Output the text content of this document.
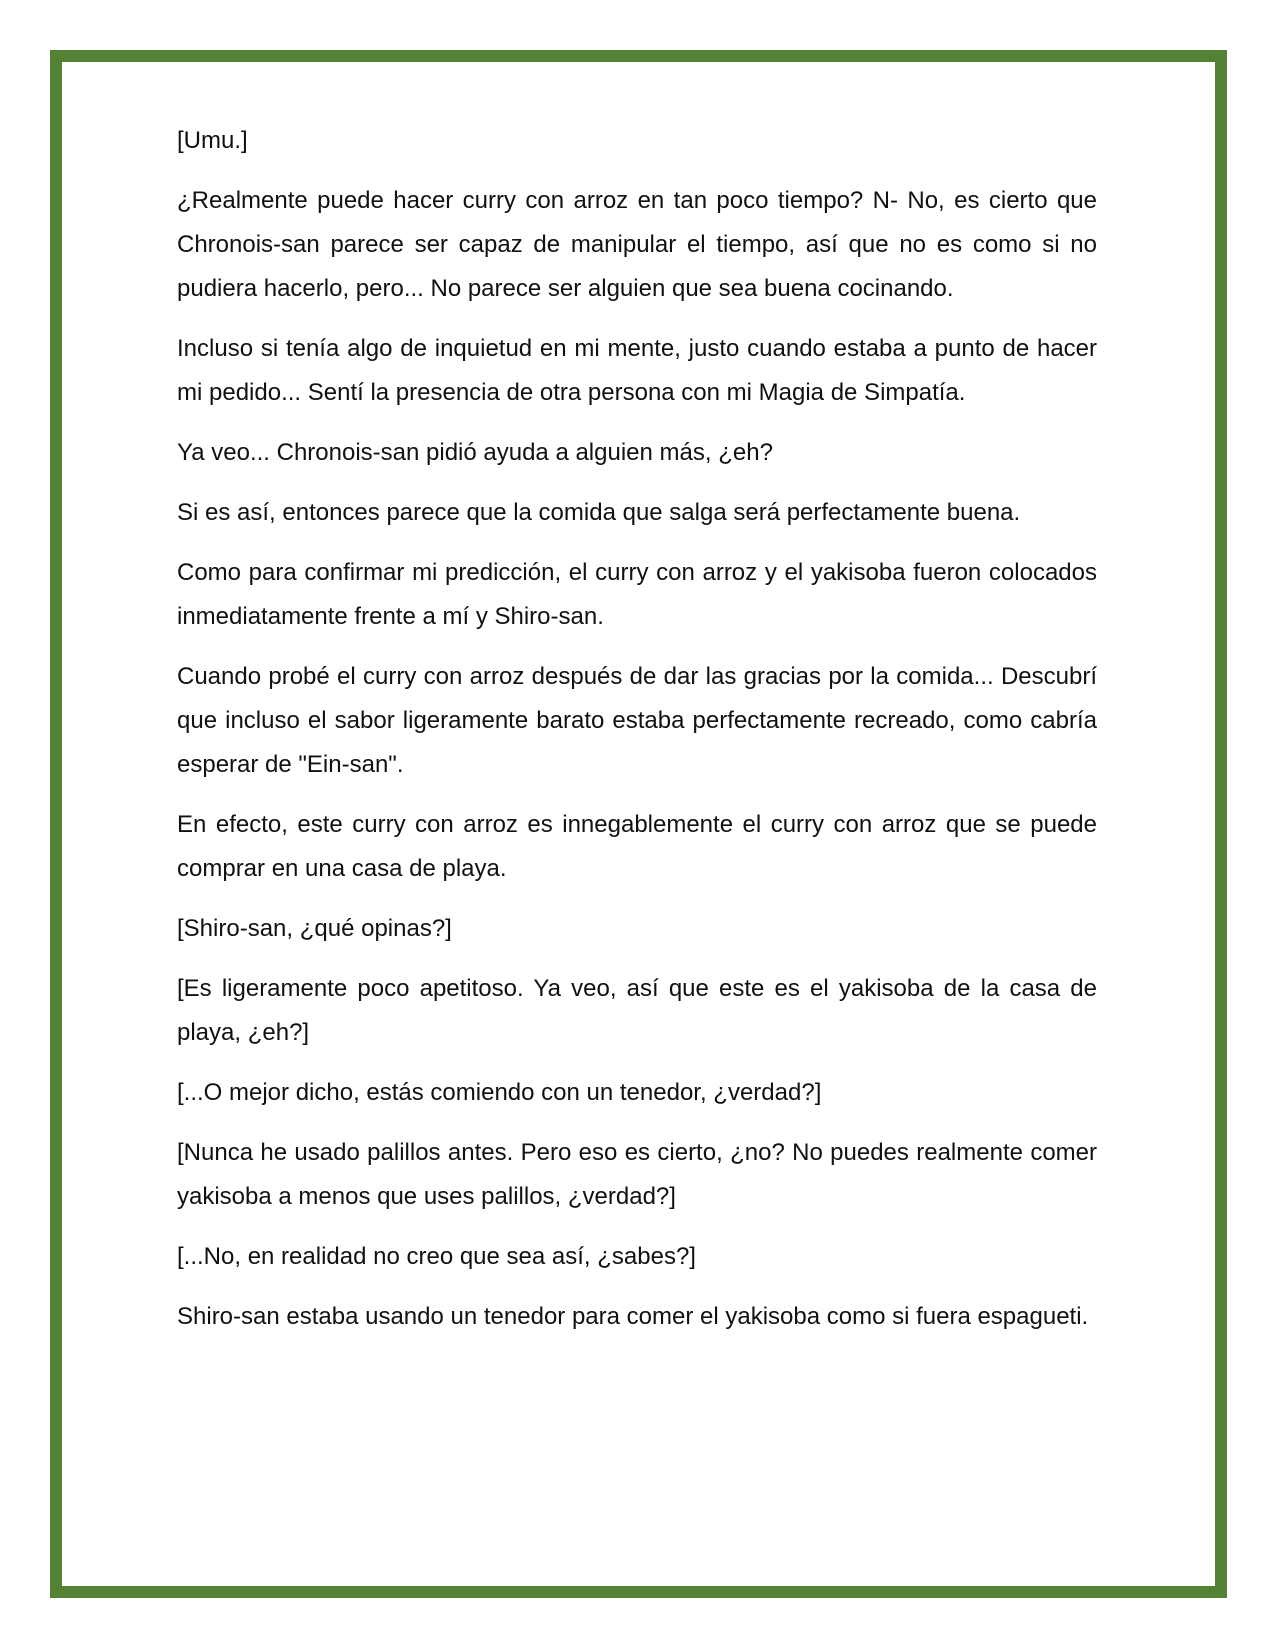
[Umu.]

¿Realmente puede hacer curry con arroz en tan poco tiempo? N- No, es cierto que Chronois-san parece ser capaz de manipular el tiempo, así que no es como si no pudiera hacerlo, pero... No parece ser alguien que sea buena cocinando.

Incluso si tenía algo de inquietud en mi mente, justo cuando estaba a punto de hacer mi pedido... Sentí la presencia de otra persona con mi Magia de Simpatía.

Ya veo... Chronois-san pidió ayuda a alguien más, ¿eh?

Si es así, entonces parece que la comida que salga será perfectamente buena.

Como para confirmar mi predicción, el curry con arroz y el yakisoba fueron colocados inmediatamente frente a mí y Shiro-san.

Cuando probé el curry con arroz después de dar las gracias por la comida... Descubrí que incluso el sabor ligeramente barato estaba perfectamente recreado, como cabría esperar de "Ein-san".

En efecto, este curry con arroz es innegablemente el curry con arroz que se puede comprar en una casa de playa.

[Shiro-san, ¿qué opinas?]

[Es ligeramente poco apetitoso. Ya veo, así que este es el yakisoba de la casa de playa, ¿eh?]

[...O mejor dicho, estás comiendo con un tenedor, ¿verdad?]

[Nunca he usado palillos antes. Pero eso es cierto, ¿no? No puedes realmente comer yakisoba a menos que uses palillos, ¿verdad?]

[...No, en realidad no creo que sea así, ¿sabes?]

Shiro-san estaba usando un tenedor para comer el yakisoba como si fuera espagueti.
